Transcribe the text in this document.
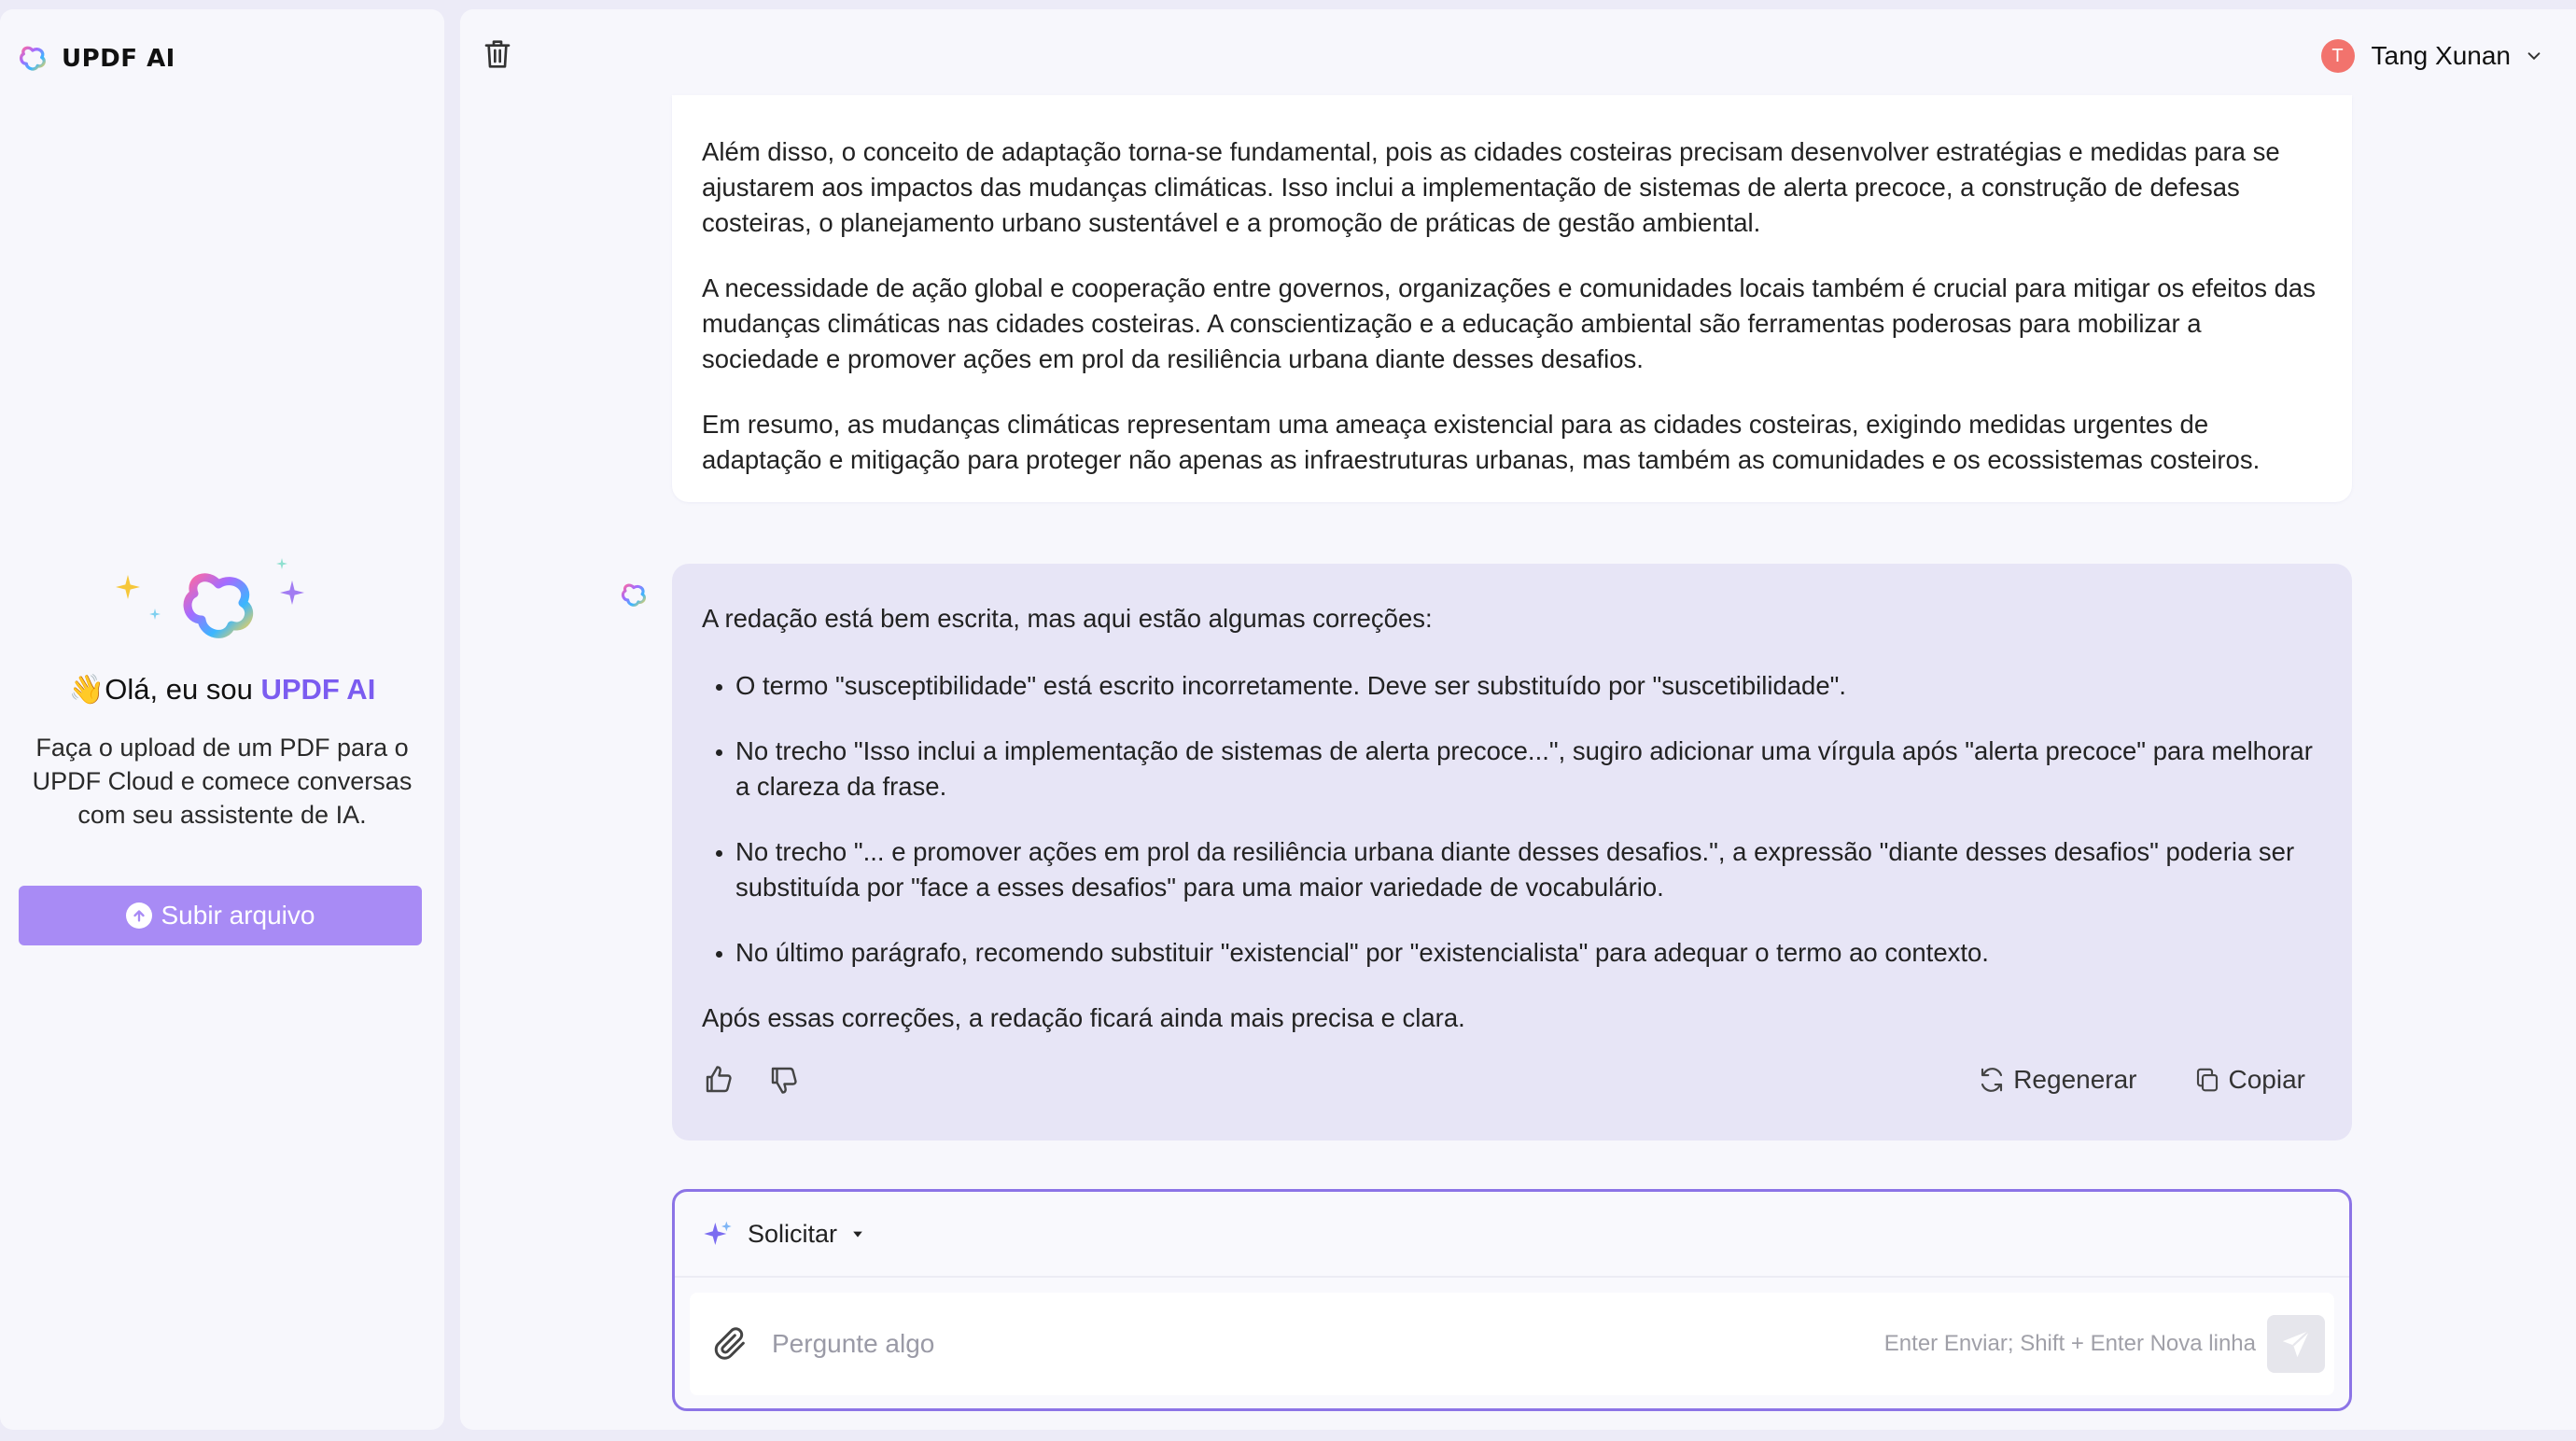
UPDF AI
👋Olá, eu sou UPDF AI
Faça o upload de um PDF para o UPDF Cloud e comece conversas com seu assistente de IA.
Subir arquivo
T	Tang Xunan

Além disso, o conceito de adaptação torna-se fundamental, pois as cidades costeiras precisam desenvolver estratégias e medidas para se ajustarem aos impactos das mudanças climáticas. Isso inclui a implementação de sistemas de alerta precoce, a construção de defesas costeiras, o planejamento urbano sustentável e a promoção de práticas de gestão ambiental.

A necessidade de ação global e cooperação entre governos, organizações e comunidades locais também é crucial para mitigar os efeitos das mudanças climáticas nas cidades costeiras. A conscientização e a educação ambiental são ferramentas poderosas para mobilizar a sociedade e promover ações em prol da resiliência urbana diante desses desafios.

Em resumo, as mudanças climáticas representam uma ameaça existencial para as cidades costeiras, exigindo medidas urgentes de adaptação e mitigação para proteger não apenas as infraestruturas urbanas, mas também as comunidades e os ecossistemas costeiros.

A redação está bem escrita, mas aqui estão algumas correções:

• O termo "susceptibilidade" está escrito incorretamente. Deve ser substituído por "suscetibilidade".
• No trecho "Isso inclui a implementação de sistemas de alerta precoce...", sugiro adicionar uma vírgula após "alerta precoce" para melhorar a clareza da frase.
• No trecho "... e promover ações em prol da resiliência urbana diante desses desafios.", a expressão "diante desses desafios" poderia ser substituída por "face a esses desafios" para uma maior variedade de vocabulário.
• No último parágrafo, recomendo substituir "existencial" por "existencialista" para adequar o termo ao contexto.

Após essas correções, a redação ficará ainda mais precisa e clara.

Regenerar	Copiar
Solicitar
Pergunte algo
Enter Enviar; Shift + Enter Nova linha
